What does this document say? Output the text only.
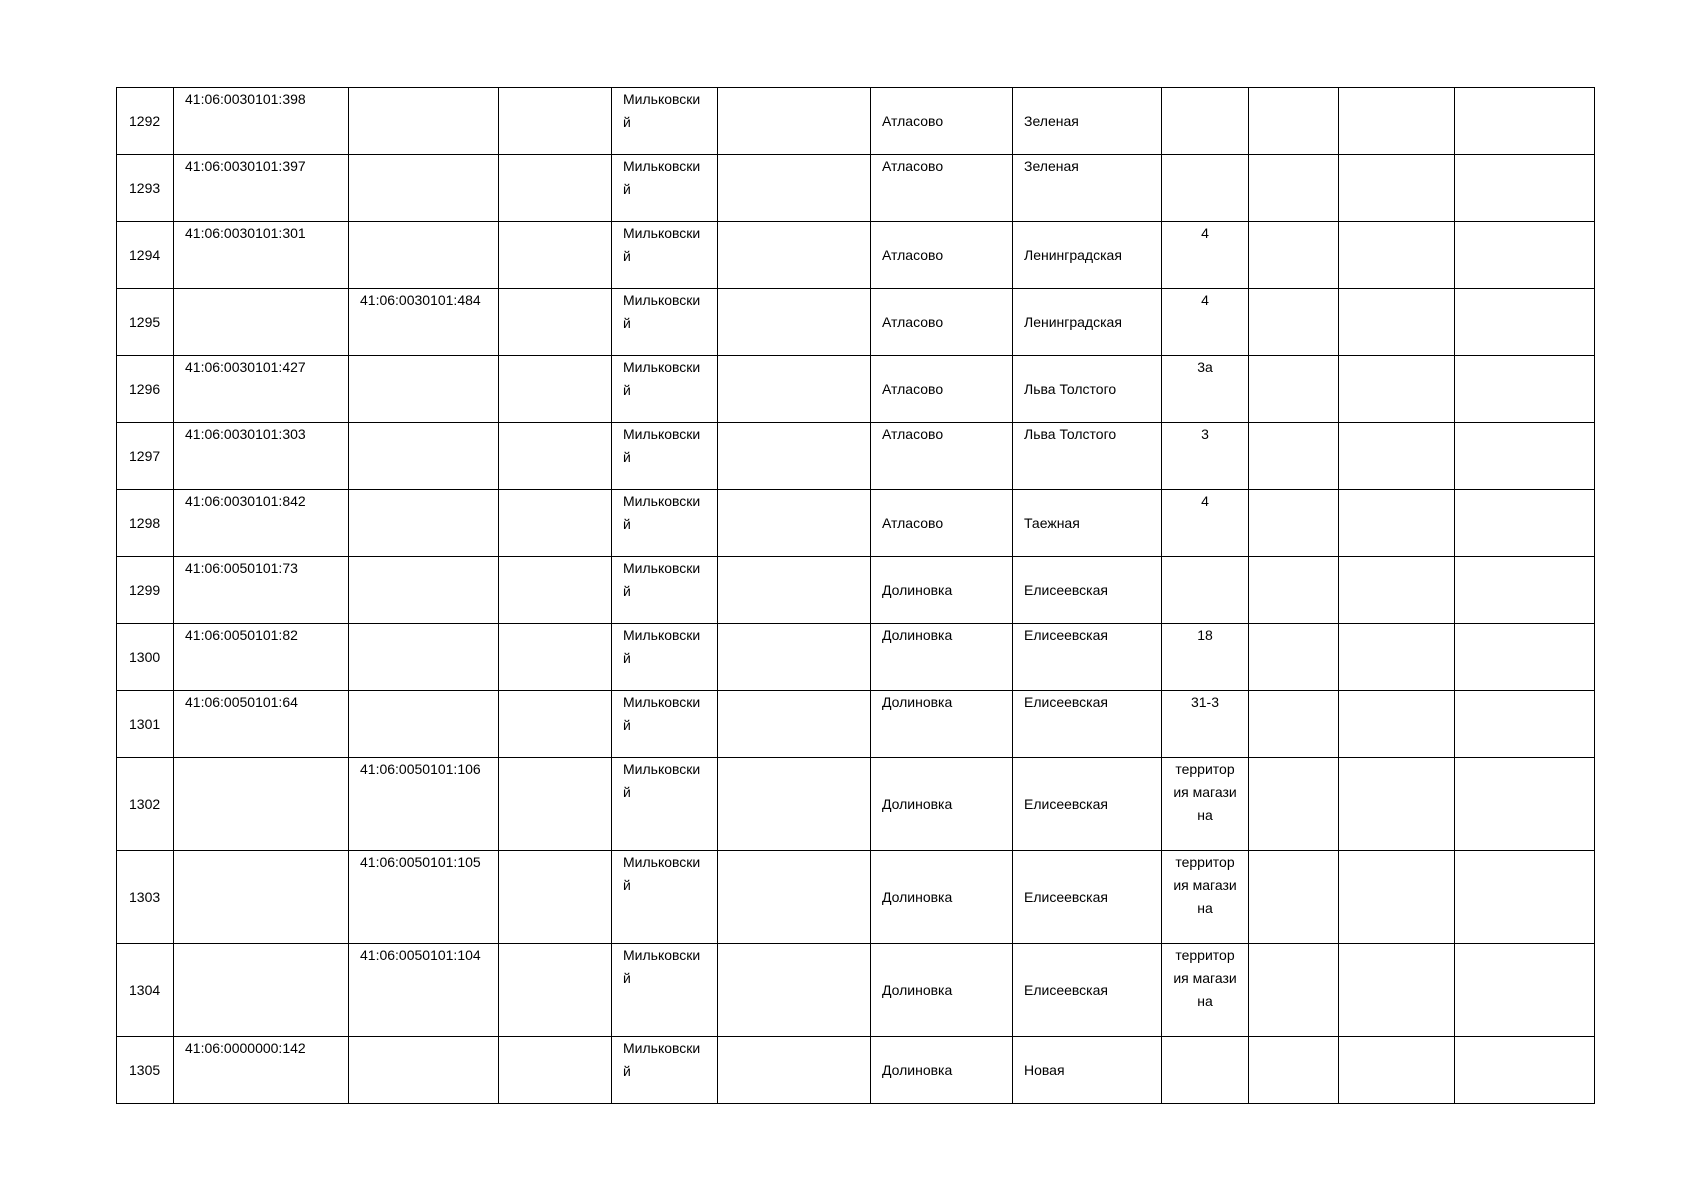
1292	41:06:0030101:398			Мильковский		Атласово	Зеленая				
1293	41:06:0030101:397			Мильковский		Атласово	Зеленая				
1294	41:06:0030101:301			Мильковский		Атласово	Ленинградская	4			
1295		41:06:0030101:484		Мильковский		Атласово	Ленинградская	4			
1296	41:06:0030101:427			Мильковский		Атласово	Льва Толстого	3а			
1297	41:06:0030101:303			Мильковский		Атласово	Льва Толстого	3			
1298	41:06:0030101:842			Мильковский		Атласово	Таежная	4			
1299	41:06:0050101:73			Мильковский		Долиновка	Елисеевская				
1300	41:06:0050101:82			Мильковский		Долиновка	Елисеевская	18			
1301	41:06:0050101:64			Мильковский		Долиновка	Елисеевская	31-3			
1302		41:06:0050101:106		Мильковский		Долиновка	Елисеевская	территория магазина			
1303		41:06:0050101:105		Мильковский		Долиновка	Елисеевская	территория магазина			
1304		41:06:0050101:104		Мильковский		Долиновка	Елисеевская	территория магазина			
1305	41:06:0000000:142			Мильковский		Долиновка	Новая				
